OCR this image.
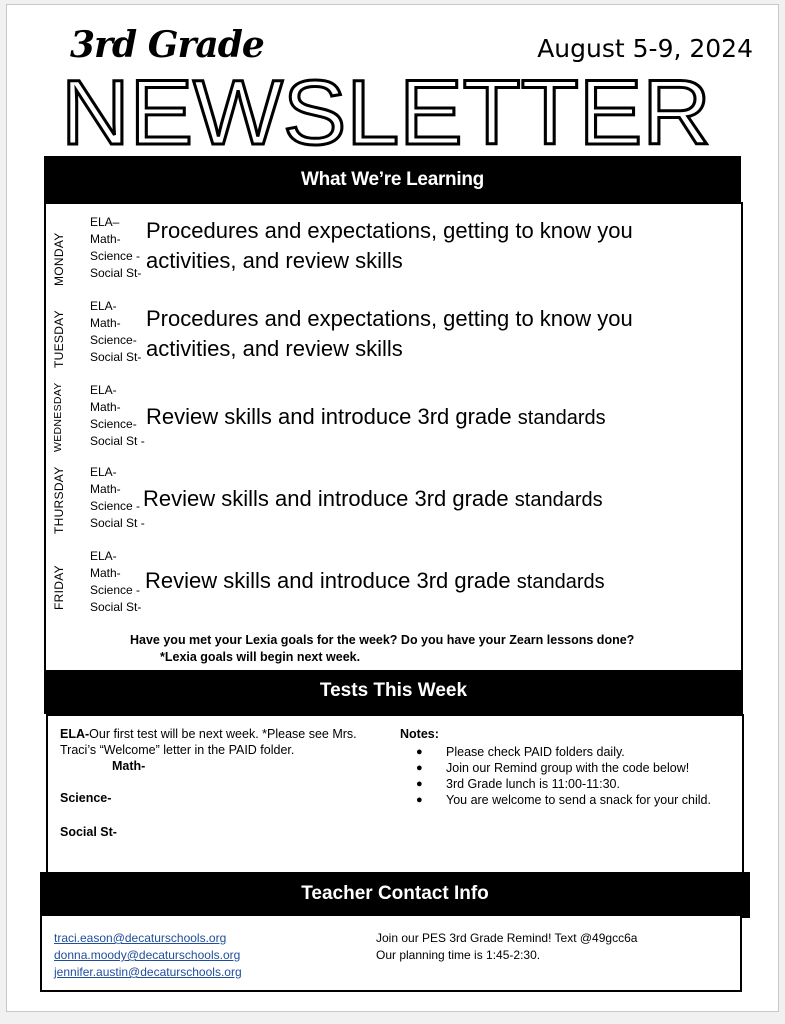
3rd Grade	August 5-9, 2024
NEWSLETTER
What We’re Learning
MONDAY
ELA–
Math-
Science -
Social St-
Procedures and expectations, getting to know you
activities, and review skills
TUESDAY
ELA-
Math-
Science-
Social St-
Procedures and expectations, getting to know you
activities, and review skills
WEDNESDAY ELA-
Math-
Science-
Social St -
Review skills and introduce 3rd grade standards
THURSDAY ELA-
Math-
Science -
Social St -
Review skills and introduce 3rd grade standards
FRIDAY
ELA-
Math-
Science -
Social St-
Review skills and introduce 3rd grade standards
Have you met your Lexia goals for the week? Do you have your Zearn lessons done?
*Lexia goals will begin next week.
Tests This Week
ELA-Our first test will be next week. *Please see Mrs. Traci’s “Welcome” letter in the PAID folder.
Math-
Science-
Social St-
Notes:
● Please check PAID folders daily.
● Join our Remind group with the code below!
● 3rd Grade lunch is 11:00-11:30.
● You are welcome to send a snack for your child.
Teacher Contact Info
traci.eason@decaturschools.org
donna.moody@decaturschools.org
jennifer.austin@decaturschools.org
Join our PES 3rd Grade Remind! Text @49gcc6a
Our planning time is 1:45-2:30.
